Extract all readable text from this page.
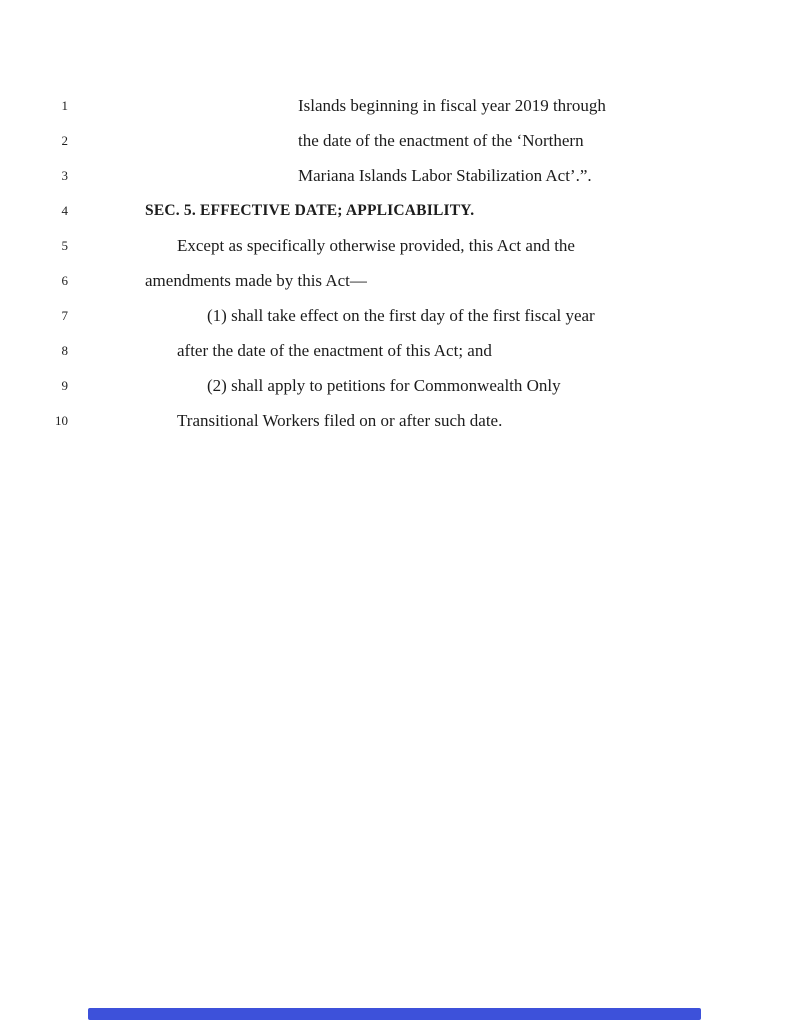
1	Islands beginning in fiscal year 2019 through
2	the date of the enactment of the ‘Northern
3	Mariana Islands Labor Stabilization Act’.”.
4	SEC. 5. EFFECTIVE DATE; APPLICABILITY.
5	Except as specifically otherwise provided, this Act and the
6	amendments made by this Act—
7	(1) shall take effect on the first day of the first fiscal year
8	after the date of the enactment of this Act; and
9	(2) shall apply to petitions for Commonwealth Only
10	Transitional Workers filed on or after such date.
